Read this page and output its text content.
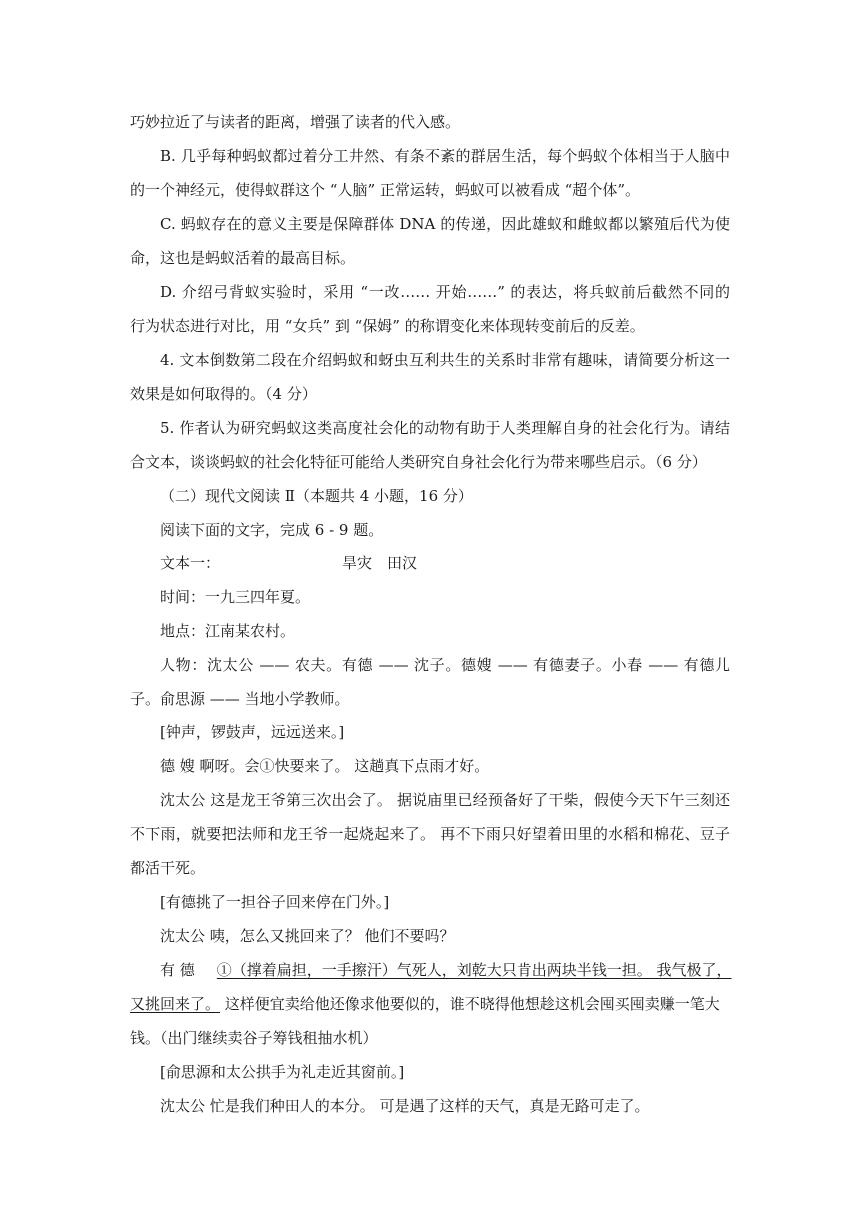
巧妙拉近了与读者的距离，增强了读者的代入感。
B. 几乎每种蚂蚁都过着分工井然、有条不紊的群居生活，每个蚂蚁个体相当于人脑中
的一个神经元，使得蚁群这个 “人脑” 正常运转，蚂蚁可以被看成 “超个体”。
C. 蚂蚁存在的意义主要是保障群体 DNA 的传递，因此雄蚁和雌蚁都以繁殖后代为使
命，这也是蚂蚁活着的最高目标。
D. 介绍弓背蚁实验时，采用 “一改…… 开始……” 的表达，将兵蚁前后截然不同的
行为状态进行对比，用 “女兵” 到 “保姆” 的称谓变化来体现转变前后的反差。
4. 文本倒数第二段在介绍蚂蚁和蚜虫互利共生的关系时非常有趣味，请简要分析这一
效果是如何取得的。（4 分）
5. 作者认为研究蚂蚁这类高度社会化的动物有助于人类理解自身的社会化行为。请结
合文本，谈谈蚂蚁的社会化特征可能给人类研究自身社会化行为带来哪些启示。（6 分）
（二）现代文阅读 Ⅱ（本题共 4 小题，16 分）
阅读下面的文字，完成 6 - 9 题。
文本一：	旱灾　田汉
时间：一九三四年夏。
地点：江南某农村。
人物：沈太公 —— 农夫。有德 —— 沈子。德嫂 —— 有德妻子。小春 —— 有德儿
子。俞思源 —— 当地小学教师。
[钟声，锣鼓声，远远送来。]
德 嫂 啊呀。会①快要来了。 这趟真下点雨才好。
沈太公 这是龙王爷第三次出会了。 据说庙里已经预备好了干柴，假使今天下午三刻还
不下雨，就要把法师和龙王爷一起烧起来了。 再不下雨只好望着田里的水稻和棉花、豆子
都活干死。
[有德挑了一担谷子回来停在门外。]
沈太公 咦，怎么又挑回来了？ 他们不要吗？
有 德 ①（撑着扁担，一手擦汗）气死人，刘乾大只肯出两块半钱一担。 我气极了，
又挑回来了。 这样便宜卖给他还像求他要似的，谁不晓得他想趁这机会囤买囤卖赚一笔大
钱。（出门继续卖谷子筹钱租抽水机）
[俞思源和太公拱手为礼走近其窗前。]
沈太公 忙是我们种田人的本分。 可是遇了这样的天气，真是无路可走了。
